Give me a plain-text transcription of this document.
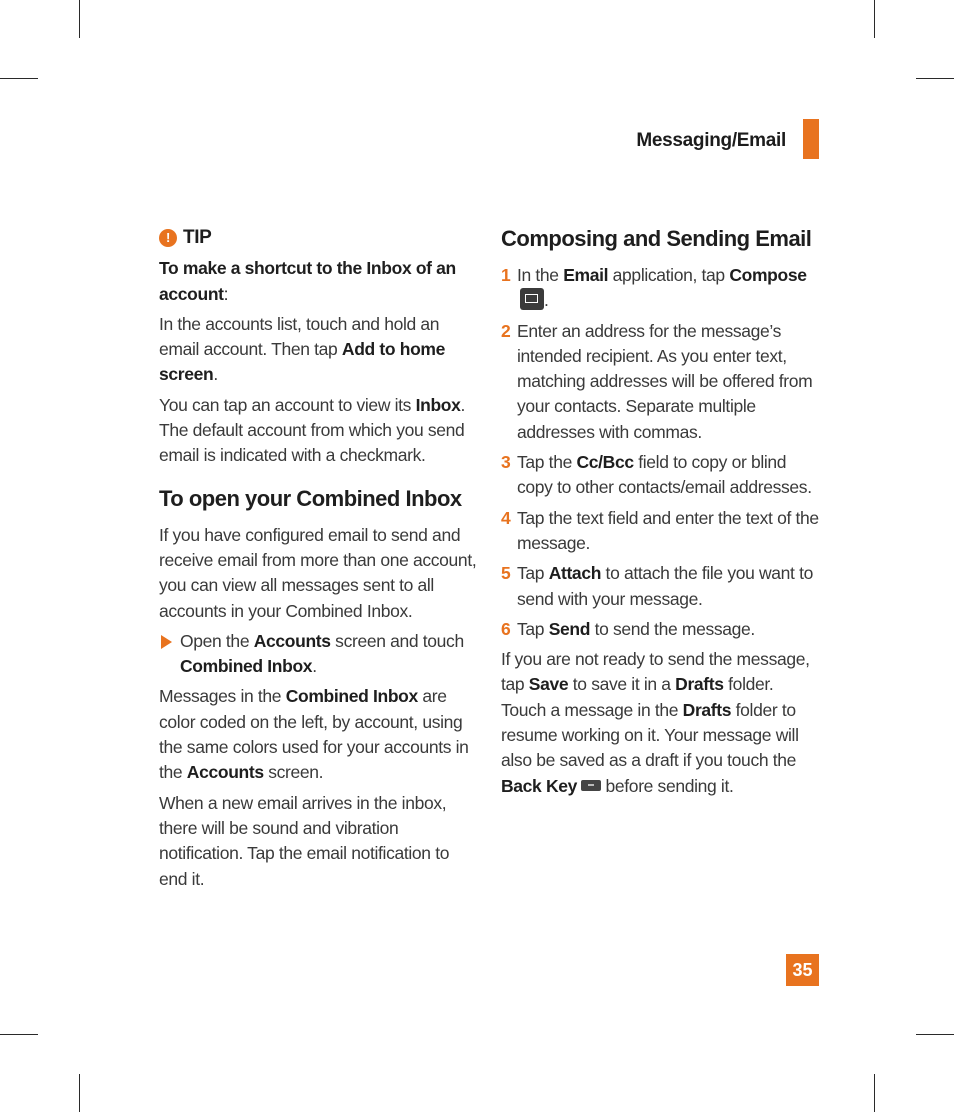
Messaging/Email
! TIP

To make a shortcut to the Inbox of an account:

In the accounts list, touch and hold an email account. Then tap Add to home screen.

You can tap an account to view its Inbox. The default account from which you send email is indicated with a checkmark.

To open your Combined Inbox

If you have configured email to send and receive email from more than one account, you can view all messages sent to all accounts in your Combined Inbox.

Open the Accounts screen and touch Combined Inbox.

Messages in the Combined Inbox are color coded on the left, by account, using the same colors used for your accounts in the Accounts screen.

When a new email arrives in the inbox, there will be sound and vibration notification. Tap the email notification to end it.

Composing and Sending Email
1 In the Email application, tap Compose.
2 Enter an address for the message’s intended recipient. As you enter text, matching addresses will be offered from your contacts. Separate multiple addresses with commas.
3 Tap the Cc/Bcc field to copy or blind copy to other contacts/email addresses.
4 Tap the text field and enter the text of the message.
5 Tap Attach to attach the file you want to send with your message.
6 Tap Send to send the message.

If you are not ready to send the message, tap Save to save it in a Drafts folder. Touch a message in the Drafts folder to resume working on it. Your message will also be saved as a draft if you touch the Back Key before sending it.

35
